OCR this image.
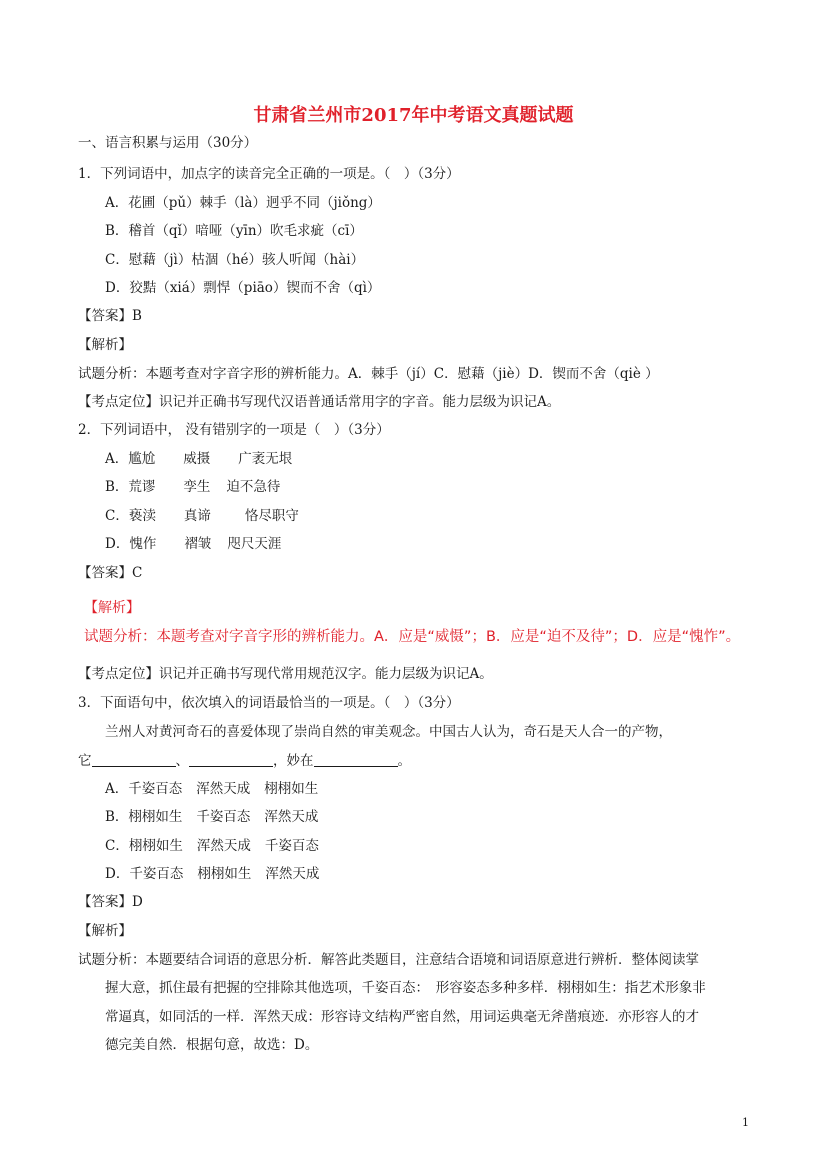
甘肃省兰州市2017年中考语文真题试题
一、语言积累与运用（30分）
1．下列词语中，加点字的读音完全正确的一项是。（　）（3分）
A．花圃（pǔ）棘手（là）迥乎不同（jiǒng）
B．稽首（qǐ）喑哑（yīn）吹毛求疵（cī）
C．慰藉（jì）枯涸（hé）骇人听闻（hài）
D．狡黠（xiá）剽悍（piāo）锲而不舍（qì）
【答案】B
【解析】
试题分析：本题考查对字音字形的辨析能力。A．棘手（jí）C．慰藉（jiè）D．锲而不舍（qiè ）
【考点定位】识记并正确书写现代汉语普通话常用字的字音。能力层级为识记A。
2．下列词语中， 没有错别字的一项是（　）（3分）
A．尴尬 威摄 广袤无垠
B．荒谬 孪生 迫不急待
C．亵渎 真谛	恪尽职守
D．愧作 褶皱 咫尺天涯
【答案】C
【解析】
试题分析：本题考查对字音字形的辨析能力。A．应是“威慑”；B．应是“迫不及待”；D．应是“愧怍”。
【考点定位】识记并正确书写现代常用规范汉字。能力层级为识记A。
3．下面语句中，依次填入的词语最恰当的一项是。（　）（3分）
兰州人对黄河奇石的喜爱体现了崇尚自然的审美观念。中国古人认为，奇石是天人合一的产物，
它	、	，妙在	。
A．千姿百态 浑然天成 栩栩如生
B．栩栩如生 千姿百态 浑然天成
C．栩栩如生 浑然天成 千姿百态
D．千姿百态 栩栩如生 浑然天成
【答案】D
【解析】
试题分析：本题要结合词语的意思分析．解答此类题目，注意结合语境和词语原意进行辨析．整体阅读掌
握大意，抓住最有把握的空排除其他选项，千姿百态：　形容姿态多种多样．栩栩如生：指艺术形象非
常逼真，如同活的一样．浑然天成：形容诗文结构严密自然，用词运典毫无斧凿痕迹．亦形容人的才
德完美自然．根据句意，故选：D。
1
